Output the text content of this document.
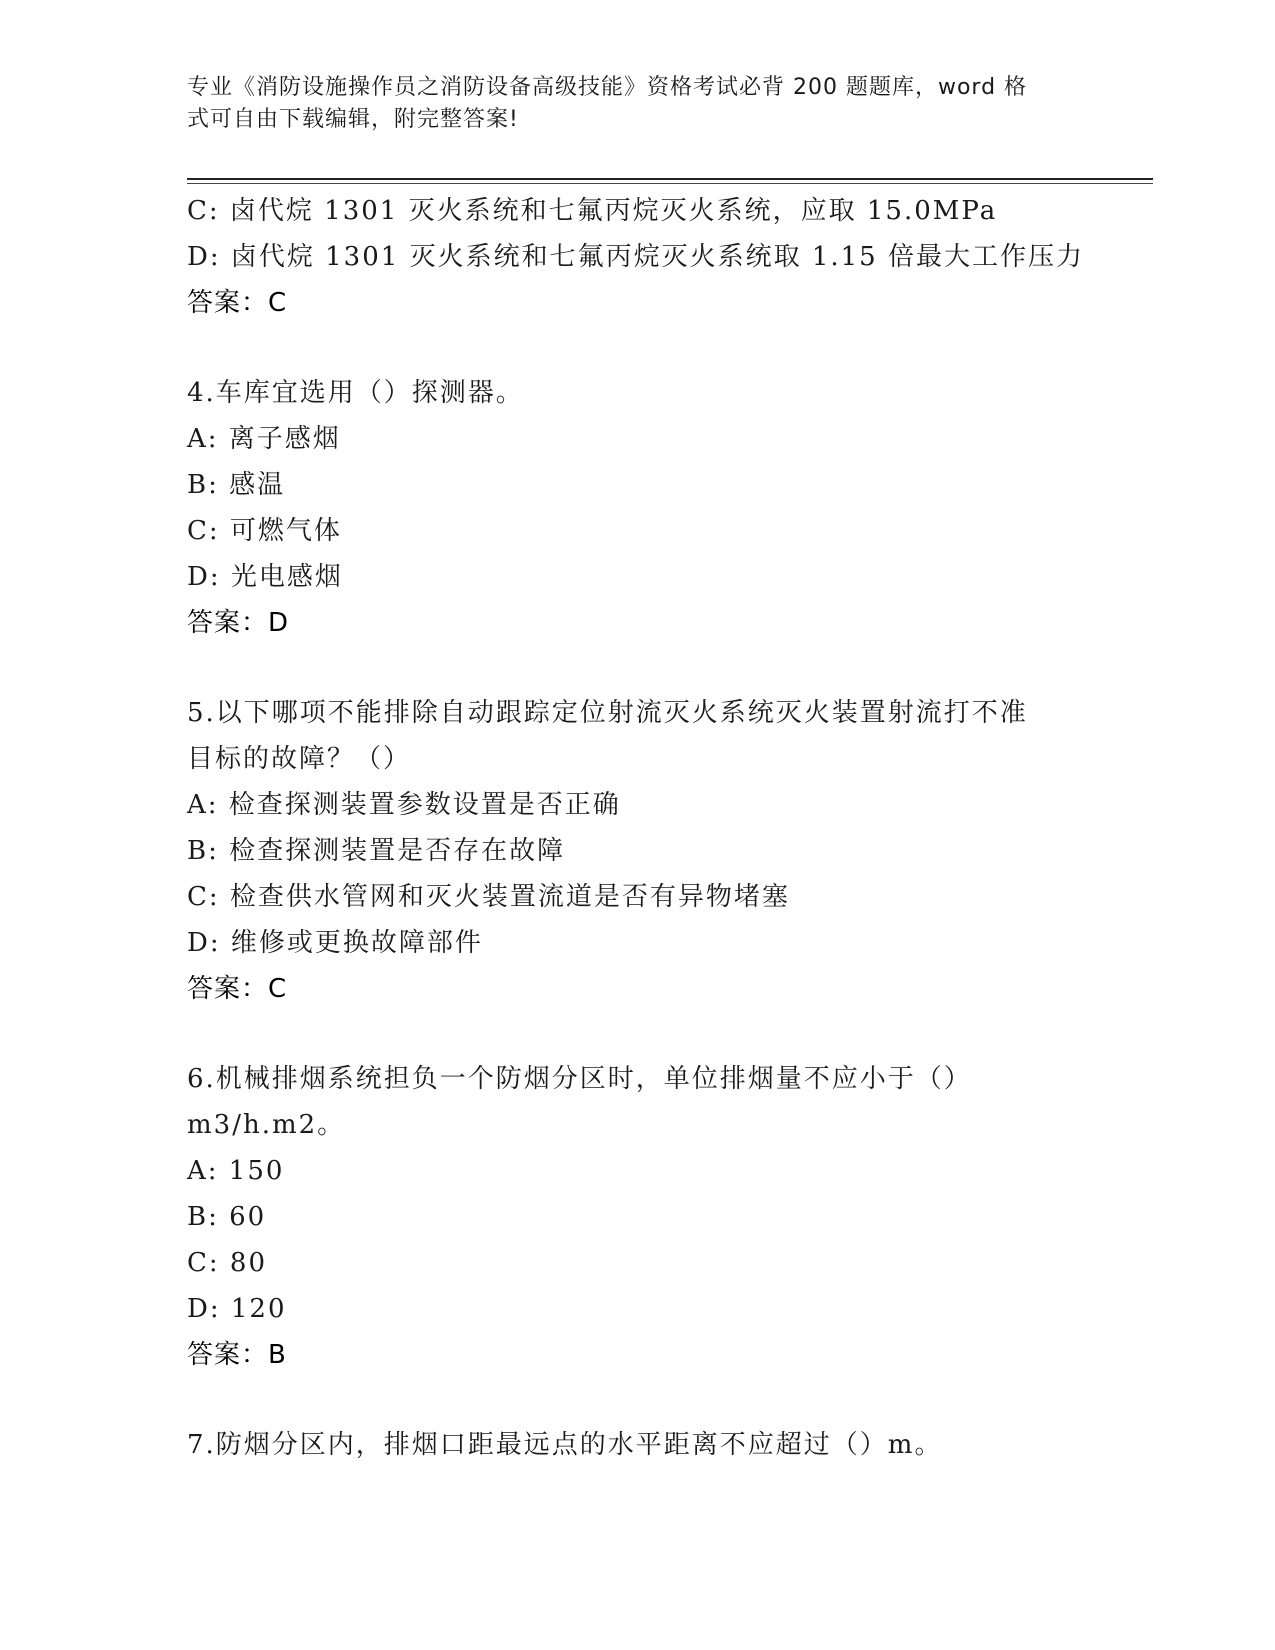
专业《消防设施操作员之消防设备高级技能》资格考试必背 200 题题库，word 格
式可自由下载编辑，附完整答案!
C: 卤代烷 1301 灭火系统和七氟丙烷灭火系统，应取 15.0MPa
D: 卤代烷 1301 灭火系统和七氟丙烷灭火系统取 1.15 倍最大工作压力
答案：C
4.车库宜选用（）探测器。
A: 离子感烟
B: 感温
C: 可燃气体
D: 光电感烟
答案：D
5.以下哪项不能排除自动跟踪定位射流灭火系统灭火装置射流打不准
目标的故障？（）
A: 检查探测装置参数设置是否正确
B: 检查探测装置是否存在故障
C: 检查供水管网和灭火装置流道是否有异物堵塞
D: 维修或更换故障部件
答案：C
6.机械排烟系统担负一个防烟分区时，单位排烟量不应小于（）
m3/h.m2。
A: 150
B: 60
C: 80
D: 120
答案：B
7.防烟分区内，排烟口距最远点的水平距离不应超过（）m。
